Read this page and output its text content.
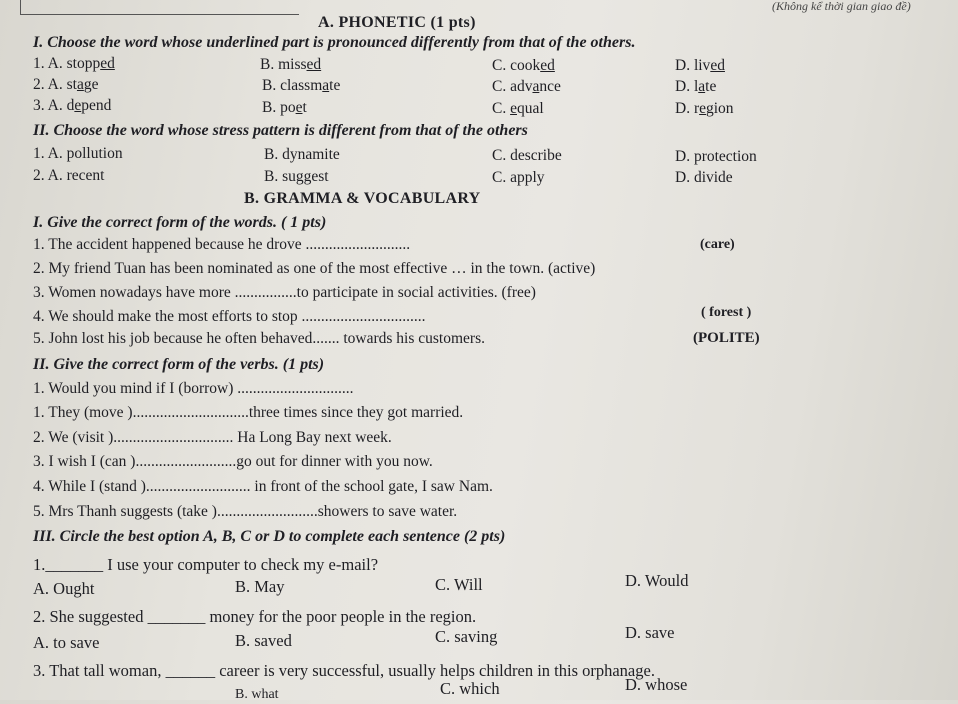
(Không kể thời gian giao đề)
A. PHONETIC (1 pts)
I. Choose the word whose underlined part is pronounced differently from that of the others.
1. A. stopped	B. missed	C. cooked	D. lived
2. A. stage	B. classmate	C. advance	D. late
3. A. depend	B. poet	C. equal	D. region
II. Choose the word whose stress pattern is different from that of the others
1. A. pollution	B. dynamite	C. describe	D. protection
2. A. recent	B. suggest	C. apply	D. divide
B. GRAMMA & VOCABULARY
I. Give the correct form of the words. ( 1 pts)
1. The accident happened because he drove ...........................	(care)
2. My friend Tuan has been nominated as one of the most effective … in the town. (active)
3. Women nowadays have more ................to participate in social activities. (free)
4. We should make the most efforts to stop ................................	( forest )
5. John lost his job because he often behaved....... towards his customers.	(POLITE)
II. Give the correct form of the verbs. (1 pts)
1. Would you mind if I (borrow) ..............................
1. They (move )..............................three times since they got married.
2. We (visit )............................... Ha Long Bay next week.
3. I wish I (can )..........................go out for dinner with you now.
4. While I (stand )........................... in front of the school gate, I saw Nam.
5. Mrs Thanh suggests (take )..........................showers to save water.
III. Circle the best option A, B, C or D to complete each sentence (2 pts)
1._______ I use your computer to check my e-mail?
A. Ought	B. May	C. Will	D. Would
2. She suggested _______ money for the poor people in the region.
A. to save	B. saved	C. saving	D. save
3. That tall woman, ______ career is very successful, usually helps children in this orphanage.
B. what	C. which	D. whose
